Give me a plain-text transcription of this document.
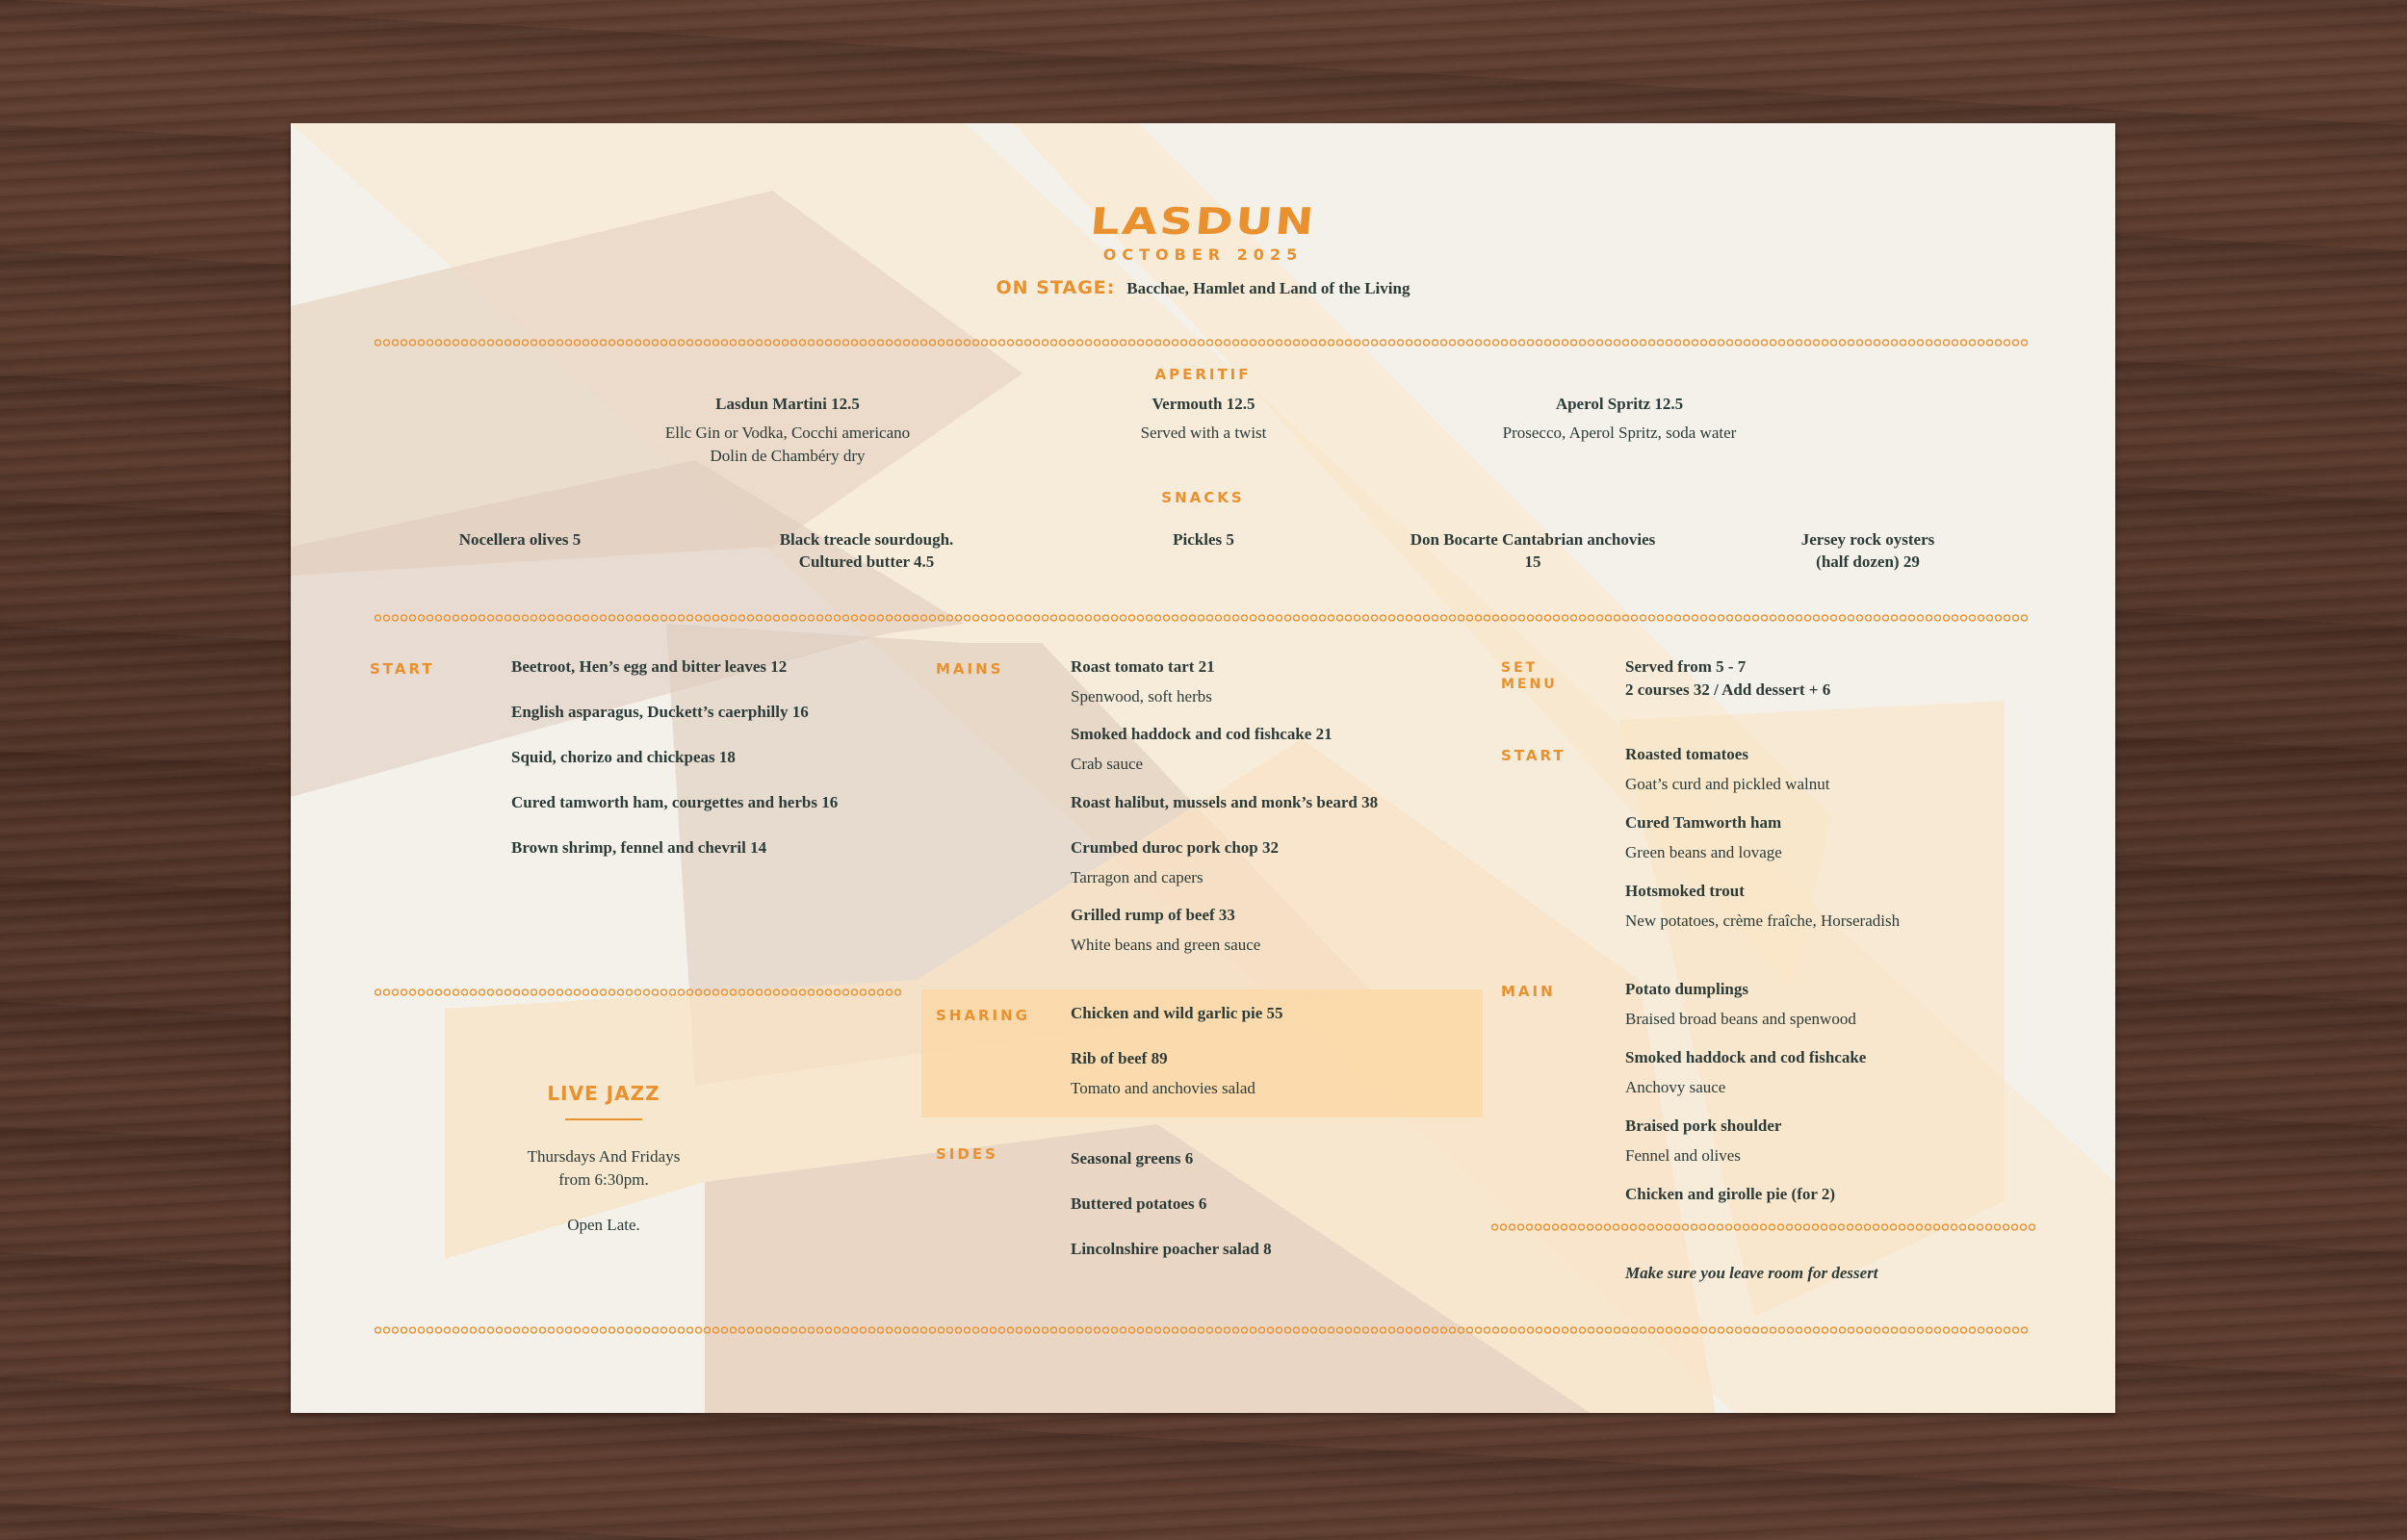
LASDUN
OCTOBER 2025
ON STAGE: Bacchae, Hamlet and Land of the Living
APERITIF
Lasdun Martini 12.5
Ellc Gin or Vodka, Cocchi americano
Dolin de Chambéry dry
Vermouth 12.5
Served with a twist
Aperol Spritz 12.5
Prosecco, Aperol Spritz, soda water
SNACKS
Nocellera olives 5	Black treacle sourdough.
Cultured butter 4.5
Pickles 5	Don Bocarte Cantabrian anchovies
15
Jersey rock oysters
(half dozen) 29
START	Beetroot, Hen’s egg and bitter leaves 12
English asparagus, Duckett’s caerphilly 16
Squid, chorizo and chickpeas 18
Cured tamworth ham, courgettes and herbs 16
Brown shrimp, fennel and chevril 14
MAINS	Roast tomato tart 21
Spenwood, soft herbs
Smoked haddock and cod fishcake 21
Crab sauce
Roast halibut, mussels and monk’s beard 38
Crumbed duroc pork chop 32
Tarragon and capers
Grilled rump of beef 33
White beans and green sauce
SET
MENU
Served from 5 - 7
2 courses 32 / Add dessert + 6
START	Roasted tomatoes
Goat’s curd and pickled walnut
Cured Tamworth ham
Green beans and lovage
Hotsmoked trout
New potatoes, crème fraîche, Horseradish
MAIN	Potato dumplings
Braised broad beans and spenwood
Smoked haddock and cod fishcake
Anchovy sauce
Braised pork shoulder
Fennel and olives
Chicken and girolle pie (for 2)
SHARING Chicken and wild garlic pie 55
Rib of beef 89
Tomato and anchovies salad
SIDES	Seasonal greens 6
Buttered potatoes 6
Lincolnshire poacher salad 8
LIVE JAZZ
Thursdays And Fridays
from 6:30pm.
Open Late.
Make sure you leave room for dessert
